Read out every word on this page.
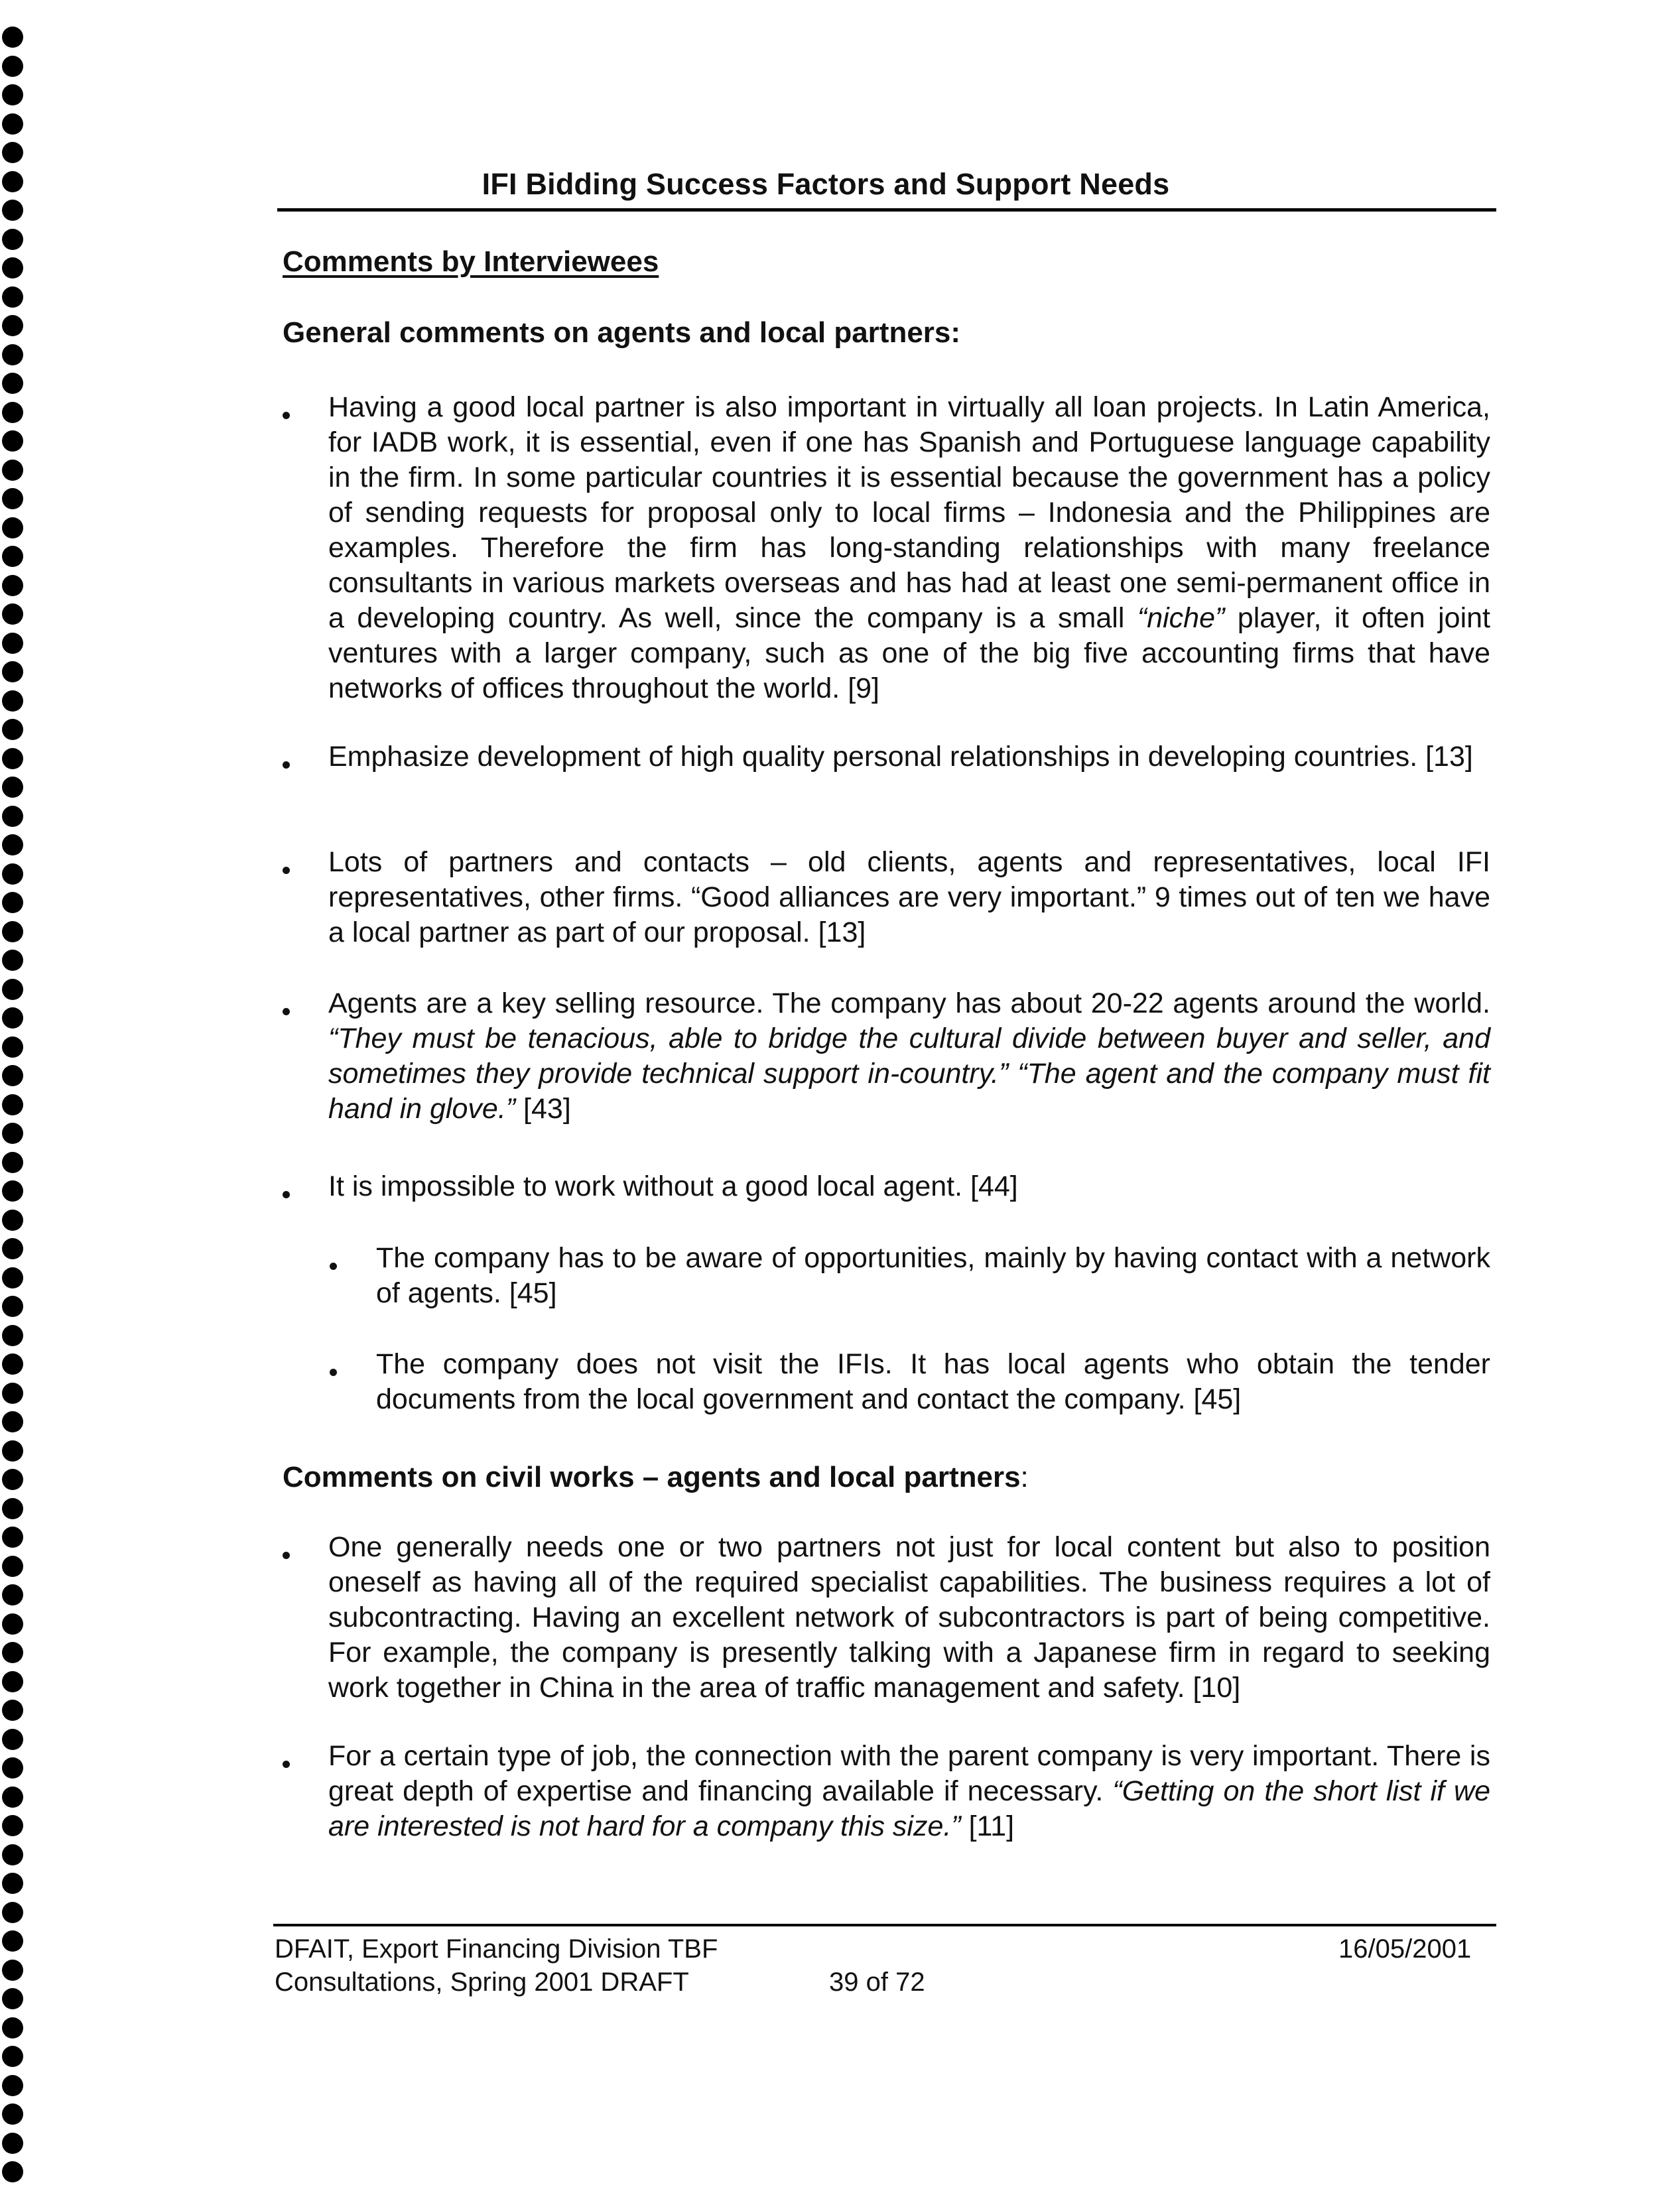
IFI Bidding Success Factors and Support Needs
Comments by Interviewees
General comments on agents and local partners:
Having a good local partner is also important in virtually all loan projects. In Latin America, for IADB work, it is essential, even if one has Spanish and Portuguese language capability in the firm. In some particular countries it is essential because the government has a policy of sending requests for proposal only to local firms – Indonesia and the Philippines are examples. Therefore the firm has long-standing relationships with many freelance consultants in various markets overseas and has had at least one semi-permanent office in a developing country. As well, since the company is a small “niche” player, it often joint ventures with a larger company, such as one of the big five accounting firms that have networks of offices throughout the world. [9]
Emphasize development of high quality personal relationships in developing countries. [13]
Lots of partners and contacts – old clients, agents and representatives, local IFI representatives, other firms. “Good alliances are very important.” 9 times out of ten we have a local partner as part of our proposal. [13]
Agents are a key selling resource. The company has about 20-22 agents around the world. “They must be tenacious, able to bridge the cultural divide between buyer and seller, and sometimes they provide technical support in-country.” “The agent and the company must fit hand in glove.” [43]
It is impossible to work without a good local agent. [44]
The company has to be aware of opportunities, mainly by having contact with a network of agents. [45]
The company does not visit the IFIs. It has local agents who obtain the tender documents from the local government and contact the company. [45]
Comments on civil works – agents and local partners:
One generally needs one or two partners not just for local content but also to position oneself as having all of the required specialist capabilities. The business requires a lot of subcontracting. Having an excellent network of subcontractors is part of being competitive. For example, the company is presently talking with a Japanese firm in regard to seeking work together in China in the area of traffic management and safety. [10]
For a certain type of job, the connection with the parent company is very important. There is great depth of expertise and financing available if necessary. “Getting on the short list if we are interested is not hard for a company this size.” [11]
DFAIT, Export Financing Division TBF
Consultations, Spring 2001 DRAFT	39 of 72
16/05/2001
